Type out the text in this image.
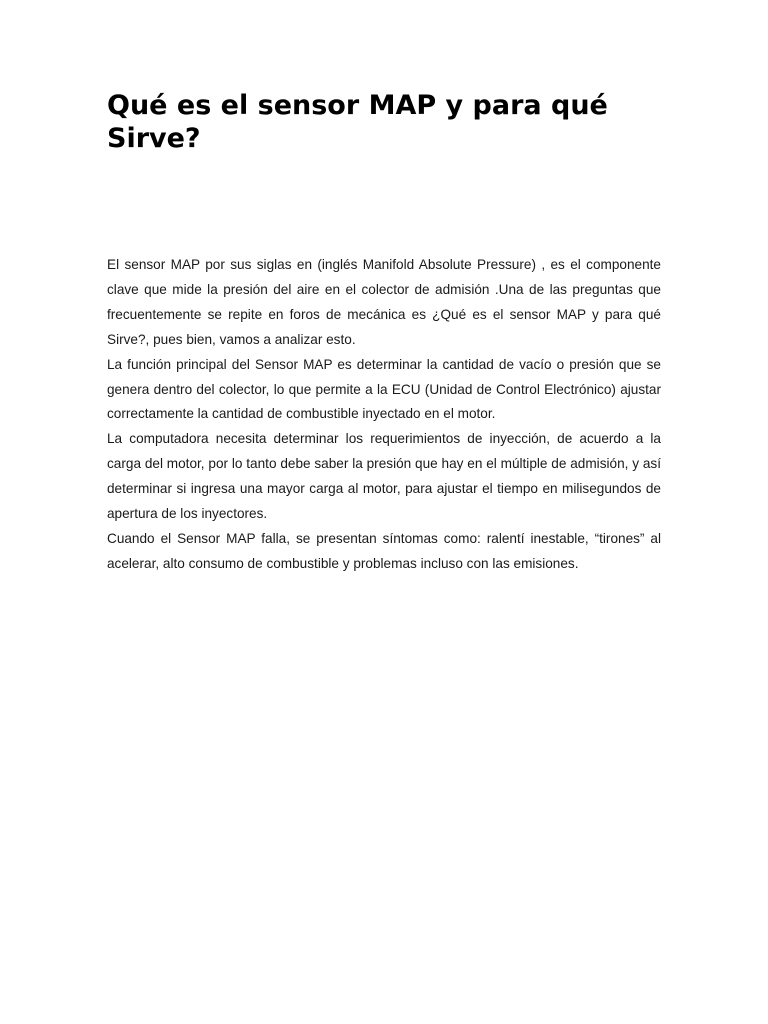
Qué es el sensor MAP y para qué Sirve?

El sensor MAP por sus siglas en (inglés Manifold Absolute Pressure) , es el componente clave que mide la presión del aire en el colector de admisión .Una de las preguntas que frecuentemente se repite en foros de mecánica es ¿Qué es el sensor MAP y para qué Sirve?, pues bien, vamos a analizar esto.

La función principal del Sensor MAP es determinar la cantidad de vacío o presión que se genera dentro del colector, lo que permite a la ECU (Unidad de Control Electrónico) ajustar correctamente la cantidad de combustible inyectado en el motor.

La computadora necesita determinar los requerimientos de inyección, de acuerdo a la carga del motor, por lo tanto debe saber la presión que hay en el múltiple de admisión, y así determinar si ingresa una mayor carga al motor, para ajustar el tiempo en milisegundos de apertura de los inyectores.

Cuando el Sensor MAP falla, se presentan síntomas como: ralentí inestable, “tirones” al acelerar, alto consumo de combustible y problemas incluso con las emisiones.
